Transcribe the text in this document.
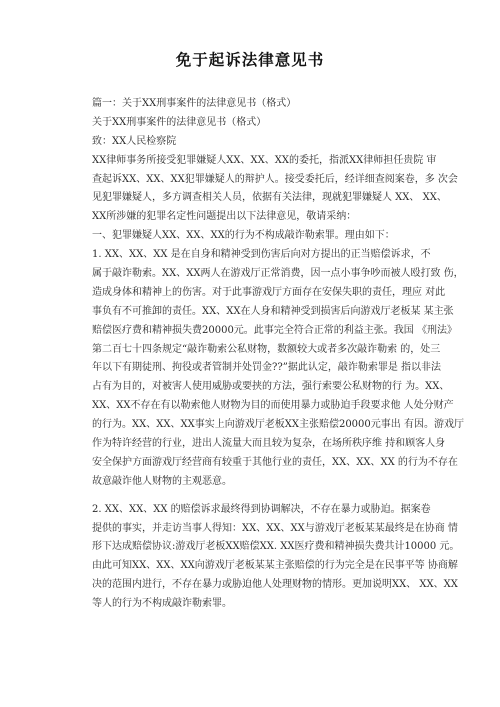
免于起诉法律意见书
篇一：关于XX刑事案件的法律意见书（格式）
关于XX刑事案件的法律意见书（格式）
致：XX人民检察院
XX律师事务所接受犯罪嫌疑人XX、XX、XX的委托，指派XX律师担任贵院 审
查起诉XX、XX、XX犯罪嫌疑人的辩护人。接受委托后，经详细查阅案卷，多 次会
见犯罪嫌疑人，多方调查相关人员，依据有关法律，现就犯罪嫌疑人 XX、 XX、
XX所涉嫌的犯罪名定性问题提出以下法律意见，敬请采纳：
一、犯罪嫌疑人XX、XX、XX的行为不构成敲诈勒索罪。理由如下：
1. XX、XX、XX 是在自身和精神受到伤害后向对方提出的正当赔偿诉求，不
属于敲诈勒索。XX、XX两人在游戏厅正常消费，因一点小事争吵而被人殴打致 伤，
造成身体和精神上的伤害。对于此事游戏厅方面存在安保失职的责任，理应 对此
事负有不可推卸的责任。XX、XX在人身和精神受到损害后向游戏厅老板某 某主张
赔偿医疗费和精神损失费20000元。此事完全符合正常的利益主张。我国 《刑法》
第二百七十四条规定“敲诈勒索公私财物，数额较大或者多次敲诈勒索 的，处三
年以下有期徒刑、拘役或者管制并处罚金??”据此认定，敲诈勒索罪是 指以非法
占有为目的，对被害人使用威胁或要挟的方法，强行索要公私财物的行 为。XX、
XX、XX不存在有以勒索他人财物为目的而使用暴力或胁迫手段要求他 人处分财产
的行为。XX、XX、XX事实上向游戏厅老板XX主张赔偿20000元事出 有因。游戏厅
作为特许经营的行业，进出人流量大而且较为复杂，在场所秩序维 持和顾客人身
安全保护方面游戏厅经营商有较重于其他行业的责任，XX、XX、XX 的行为不存在
故意敲诈他人财物的主观恶意。
2. XX、XX、XX 的赔偿诉求最终得到协调解决，不存在暴力或胁迫。据案卷
提供的事实，并走访当事人得知：XX、XX、XX与游戏厅老板某某最终是在协商 情
形下达成赔偿协议:游戏厅老板XX赔偿XX. XX医疗费和精神损失费共计10000 元。
由此可知XX、XX、XX向游戏厅老板某某主张赔偿的行为完全是在民事平等 协商解
决的范围内进行，不存在暴力或胁迫他人处理财物的情形。更加说明XX、 XX、XX
等人的行为不构成敲诈勒索罪。
